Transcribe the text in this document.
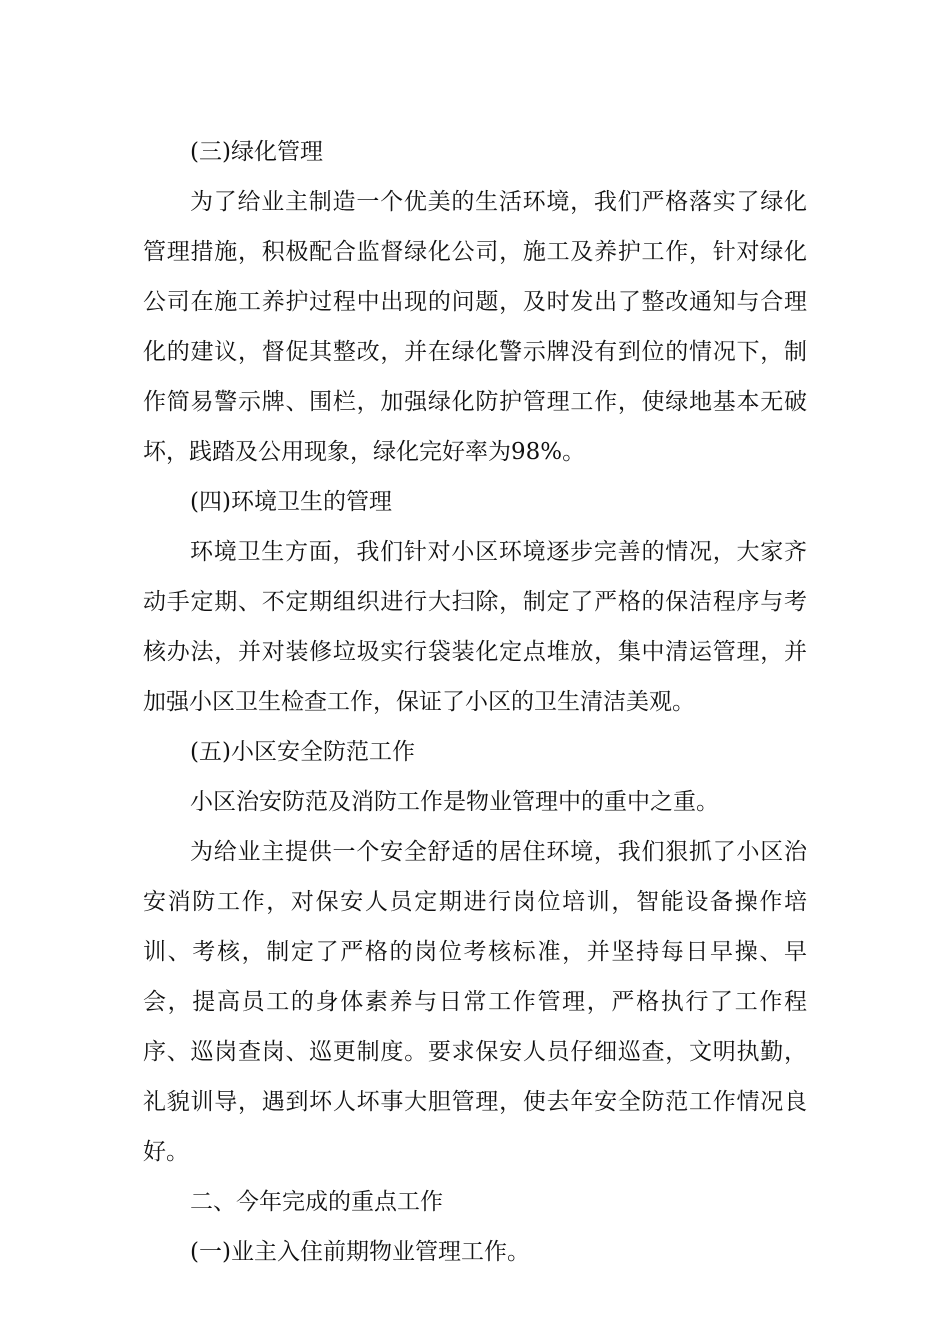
(三)绿化管理

为了给业主制造一个优美的生活环境，我们严格落实了绿化管理措施，积极配合监督绿化公司，施工及养护工作，针对绿化公司在施工养护过程中出现的问题，及时发出了整改通知与合理化的建议，督促其整改，并在绿化警示牌没有到位的情况下，制作简易警示牌、围栏，加强绿化防护管理工作，使绿地基本无破坏，践踏及公用现象，绿化完好率为98%。

(四)环境卫生的管理

环境卫生方面，我们针对小区环境逐步完善的情况，大家齐动手定期、不定期组织进行大扫除，制定了严格的保洁程序与考核办法，并对装修垃圾实行袋装化定点堆放，集中清运管理，并加强小区卫生检查工作，保证了小区的卫生清洁美观。

(五)小区安全防范工作

小区治安防范及消防工作是物业管理中的重中之重。

为给业主提供一个安全舒适的居住环境，我们狠抓了小区治安消防工作，对保安人员定期进行岗位培训，智能设备操作培训、考核，制定了严格的岗位考核标准，并坚持每日早操、早会，提高员工的身体素养与日常工作管理，严格执行了工作程序、巡岗查岗、巡更制度。要求保安人员仔细巡查，文明执勤，礼貌训导，遇到坏人坏事大胆管理，使去年安全防范工作情况良好。

二、今年完成的重点工作

(一)业主入住前期物业管理工作。
